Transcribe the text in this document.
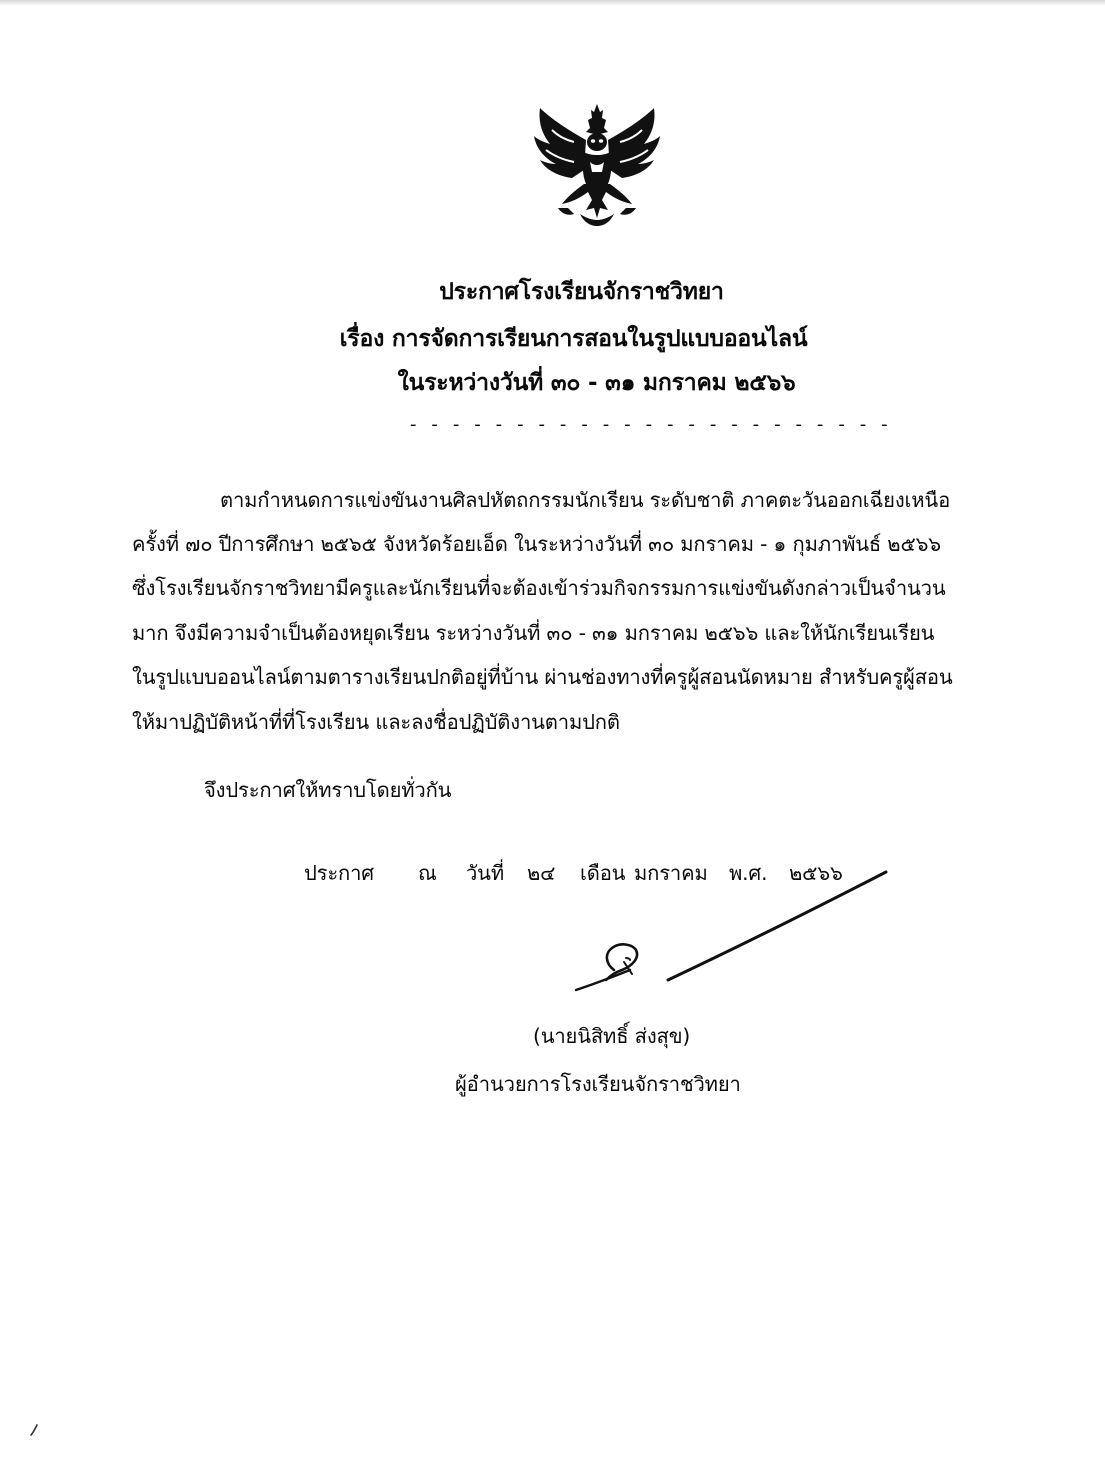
ประกาศโรงเรียนจักราชวิทยา
เรื่อง การจัดการเรียนการสอนในรูปแบบออนไลน์
ในระหว่างวันที่ ๓๐ - ๓๑ มกราคม ๒๕๖๖
- - - - - - - - - - - - - - - - - - - - - - -
ตามกำหนดการแข่งขันงานศิลปหัตถกรรมนักเรียน ระดับชาติ ภาคตะวันออกเฉียงเหนือ
ครั้งที่ ๗๐ ปีการศึกษา ๒๕๖๕ จังหวัดร้อยเอ็ด ในระหว่างวันที่ ๓๐ มกราคม - ๑ กุมภาพันธ์ ๒๕๖๖
ซึ่งโรงเรียนจักราชวิทยามีครูและนักเรียนที่จะต้องเข้าร่วมกิจกรรมการแข่งขันดังกล่าวเป็นจำนวน
มาก จึงมีความจำเป็นต้องหยุดเรียน ระหว่างวันที่ ๓๐ - ๓๑ มกราคม ๒๕๖๖ และให้นักเรียนเรียน
ในรูปแบบออนไลน์ตามตารางเรียนปกติอยู่ที่บ้าน ผ่านช่องทางที่ครูผู้สอนนัดหมาย สำหรับครูผู้สอน
ให้มาปฏิบัติหน้าที่ที่โรงเรียน และลงชื่อปฏิบัติงานตามปกติ
จึงประกาศให้ทราบโดยทั่วกัน
ประกาศ ณ วันที่ ๒๔ เดือน มกราคม พ.ศ. ๒๕๖๖
(นายนิสิทธิ์ ส่งสุข)
ผู้อำนวยการโรงเรียนจักราชวิทยา
